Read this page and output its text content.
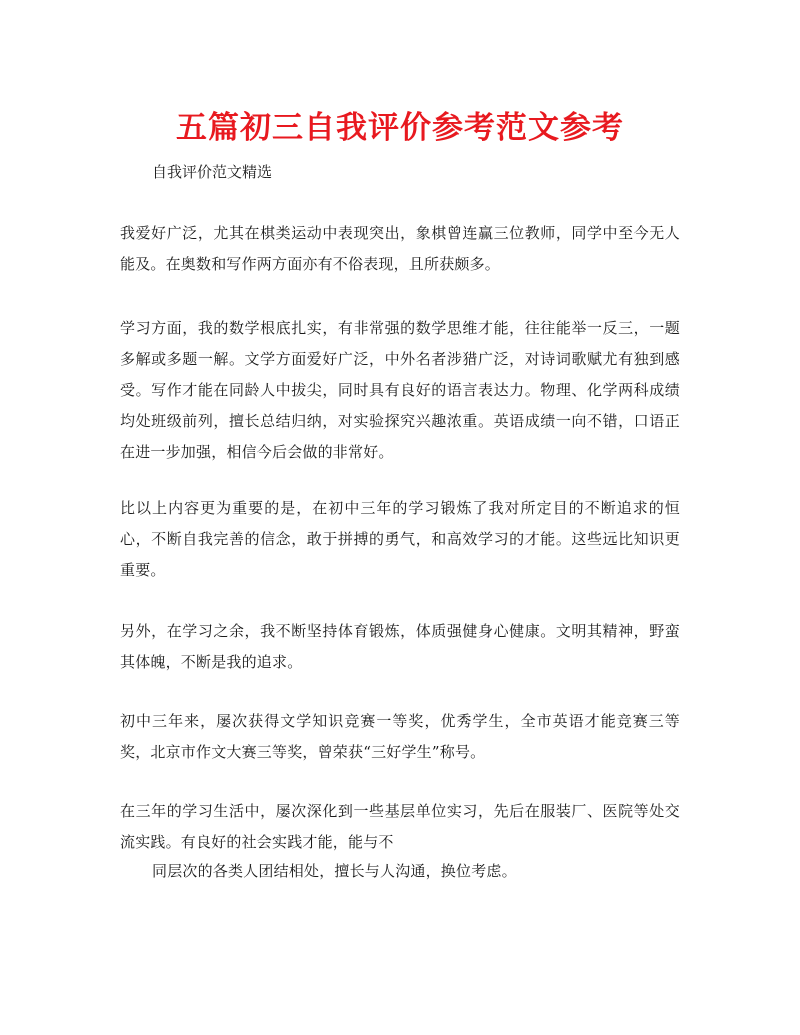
五篇初三自我评价参考范文参考
自我评价范文精选
我爱好广泛，尤其在棋类运动中表现突出，象棋曾连赢三位教师，同学中至今无人能及。在奥数和写作两方面亦有不俗表现，且所获颇多。
学习方面，我的数学根底扎实，有非常强的数学思维才能，往往能举一反三，一题多解或多题一解。文学方面爱好广泛，中外名者涉猎广泛，对诗词歌赋尤有独到感受。写作才能在同龄人中拔尖，同时具有良好的语言表达力。物理、化学两科成绩均处班级前列，擅长总结归纳，对实验探究兴趣浓重。英语成绩一向不错，口语正在进一步加强，相信今后会做的非常好。
比以上内容更为重要的是，在初中三年的学习锻炼了我对所定目的不断追求的恒心，不断自我完善的信念，敢于拼搏的勇气，和高效学习的才能。这些远比知识更重要。
另外，在学习之余，我不断坚持体育锻炼，体质强健身心健康。文明其精神，野蛮其体魄，不断是我的追求。
初中三年来，屡次获得文学知识竞赛一等奖，优秀学生，全市英语才能竞赛三等奖，北京市作文大赛三等奖，曾荣获“三好学生”称号。
在三年的学习生活中，屡次深化到一些基层单位实习，先后在服装厂、医院等处交流实践。有良好的社会实践才能，能与不
同层次的各类人团结相处，擅长与人沟通，换位考虑。
